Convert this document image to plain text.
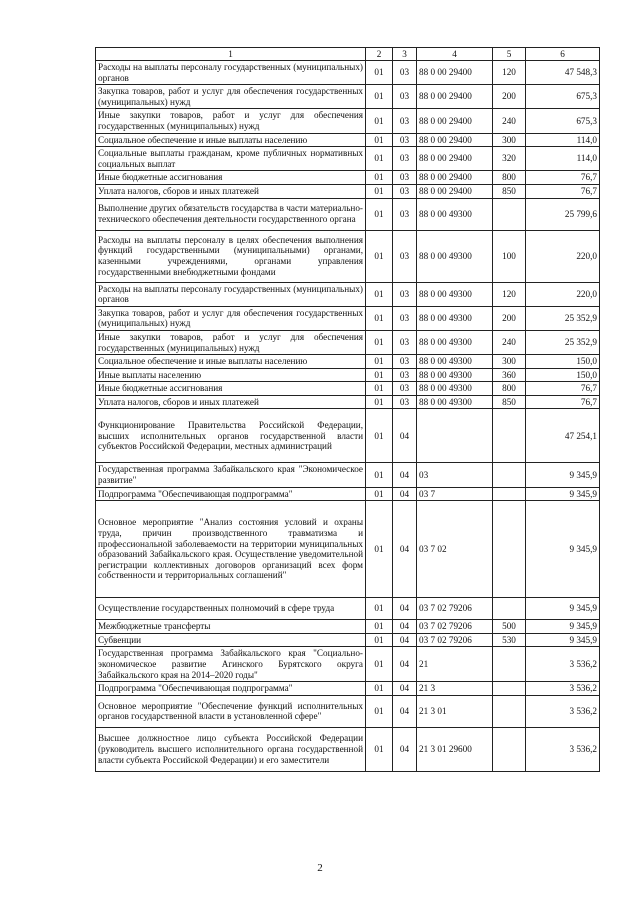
1	2	3	4	5	6
Расходы на выплаты персоналу государственных (муниципальных) органов	01	03	88 0 00 29400	120	47 548,3
Закупка товаров, работ и услуг для обеспечения государственных (муниципальных) нужд	01	03	88 0 00 29400	200	675,3
Иные закупки товаров, работ и услуг для обеспечения государственных (муниципальных) нужд	01	03	88 0 00 29400	240	675,3
Социальное обеспечение и иные выплаты населению	01	03	88 0 00 29400	300	114,0
Социальные выплаты гражданам, кроме публичных нормативных социальных выплат	01	03	88 0 00 29400	320	114,0
Иные бюджетные ассигнования	01	03	88 0 00 29400	800	76,7
Уплата налогов, сборов и иных платежей	01	03	88 0 00 29400	850	76,7
Выполнение других обязательств государства в части материально-технического обеспечения деятельности государственного органа	01	03	88 0 00 49300		25 799,6
Расходы на выплаты персоналу в целях обеспечения выполнения функций государственными (муниципальными) органами, казенными учреждениями, органами управления государственными внебюджетными фондами	01	03	88 0 00 49300	100	220,0
Расходы на выплаты персоналу государственных (муниципальных) органов	01	03	88 0 00 49300	120	220,0
Закупка товаров, работ и услуг для обеспечения государственных (муниципальных) нужд	01	03	88 0 00 49300	200	25 352,9
Иные закупки товаров, работ и услуг для обеспечения государственных (муниципальных) нужд	01	03	88 0 00 49300	240	25 352,9
Социальное обеспечение и иные выплаты населению	01	03	88 0 00 49300	300	150,0
Иные выплаты населению	01	03	88 0 00 49300	360	150,0
Иные бюджетные ассигнования	01	03	88 0 00 49300	800	76,7
Уплата налогов, сборов и иных платежей	01	03	88 0 00 49300	850	76,7
Функционирование Правительства Российской Федерации, высших исполнительных органов государственной власти субъектов Российской Федерации, местных администраций	01	04			47 254,1
Государственная программа Забайкальского края "Экономическое развитие"	01	04	03		9 345,9
Подпрограмма "Обеспечивающая подпрограмма"	01	04	03 7		9 345,9
Основное мероприятие "Анализ состояния условий и охраны труда, причин производственного травматизма и профессиональной заболеваемости на территории муниципальных образований Забайкальского края. Осуществление уведомительной регистрации коллективных договоров организаций всех форм собственности и территориальных соглашений"	01	04	03 7 02		9 345,9
Осуществление государственных полномочий в сфере труда	01	04	03 7 02 79206		9 345,9
Межбюджетные трансферты	01	04	03 7 02 79206	500	9 345,9
Субвенции	01	04	03 7 02 79206	530	9 345,9
Государственная программа Забайкальского края "Социально-экономическое развитие Агинского Бурятского округа Забайкальского края на 2014–2020 годы"	01	04	21		3 536,2
Подпрограмма "Обеспечивающая подпрограмма"	01	04	21 3		3 536,2
Основное мероприятие "Обеспечение функций исполнительных органов государственной власти в установленной сфере"	01	04	21 3 01		3 536,2
Высшее должностное лицо субъекта Российской Федерации (руководитель высшего исполнительного органа государственной власти субъекта Российской Федерации) и его заместители	01	04	21 3 01 29600		3 536,2
2
